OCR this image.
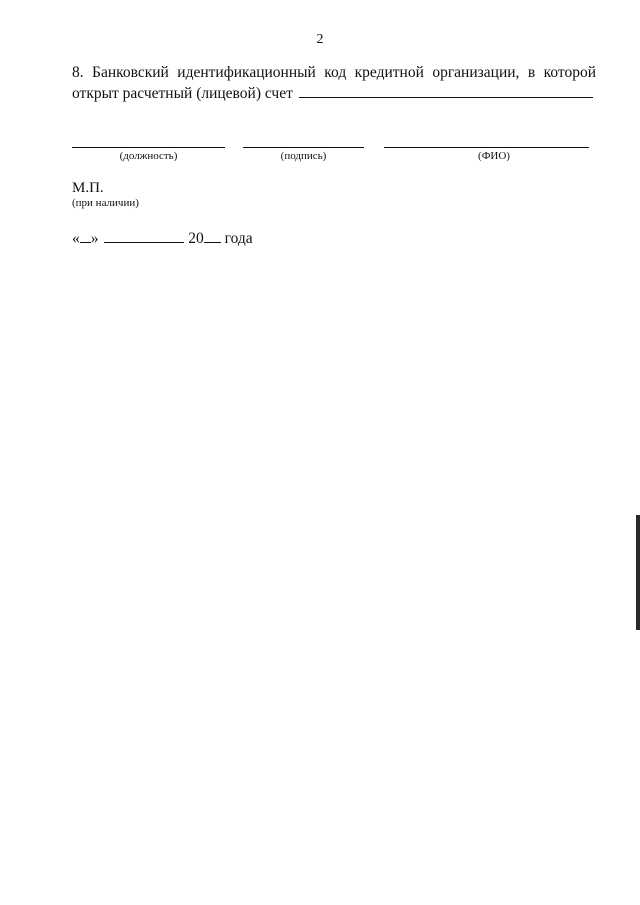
2
8. Банковский идентификационный код кредитной организации, в которой
открыт расчетный (лицевой) счет
(должность)	(подпись)	(ФИО)
М.П.
(при наличии)
« »	20 года
